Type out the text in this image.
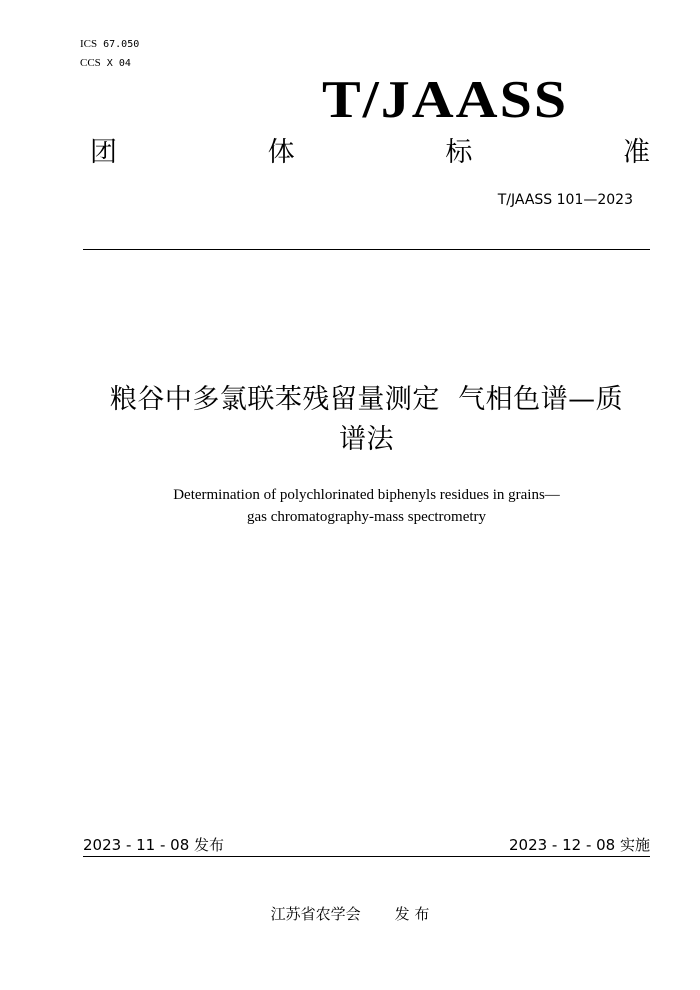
ICS 67.050
CCS X 04
T/JAASS
团	体	标	准
T/JAASS 101—2023
粮谷中多氯联苯残留量测定  气相色谱—质
谱法
Determination of polychlorinated biphenyls residues in grains—
gas chromatography-mass spectrometry
2023 - 11 - 08 发布	2023 - 12 - 08 实施
江苏省农学会 发 布
